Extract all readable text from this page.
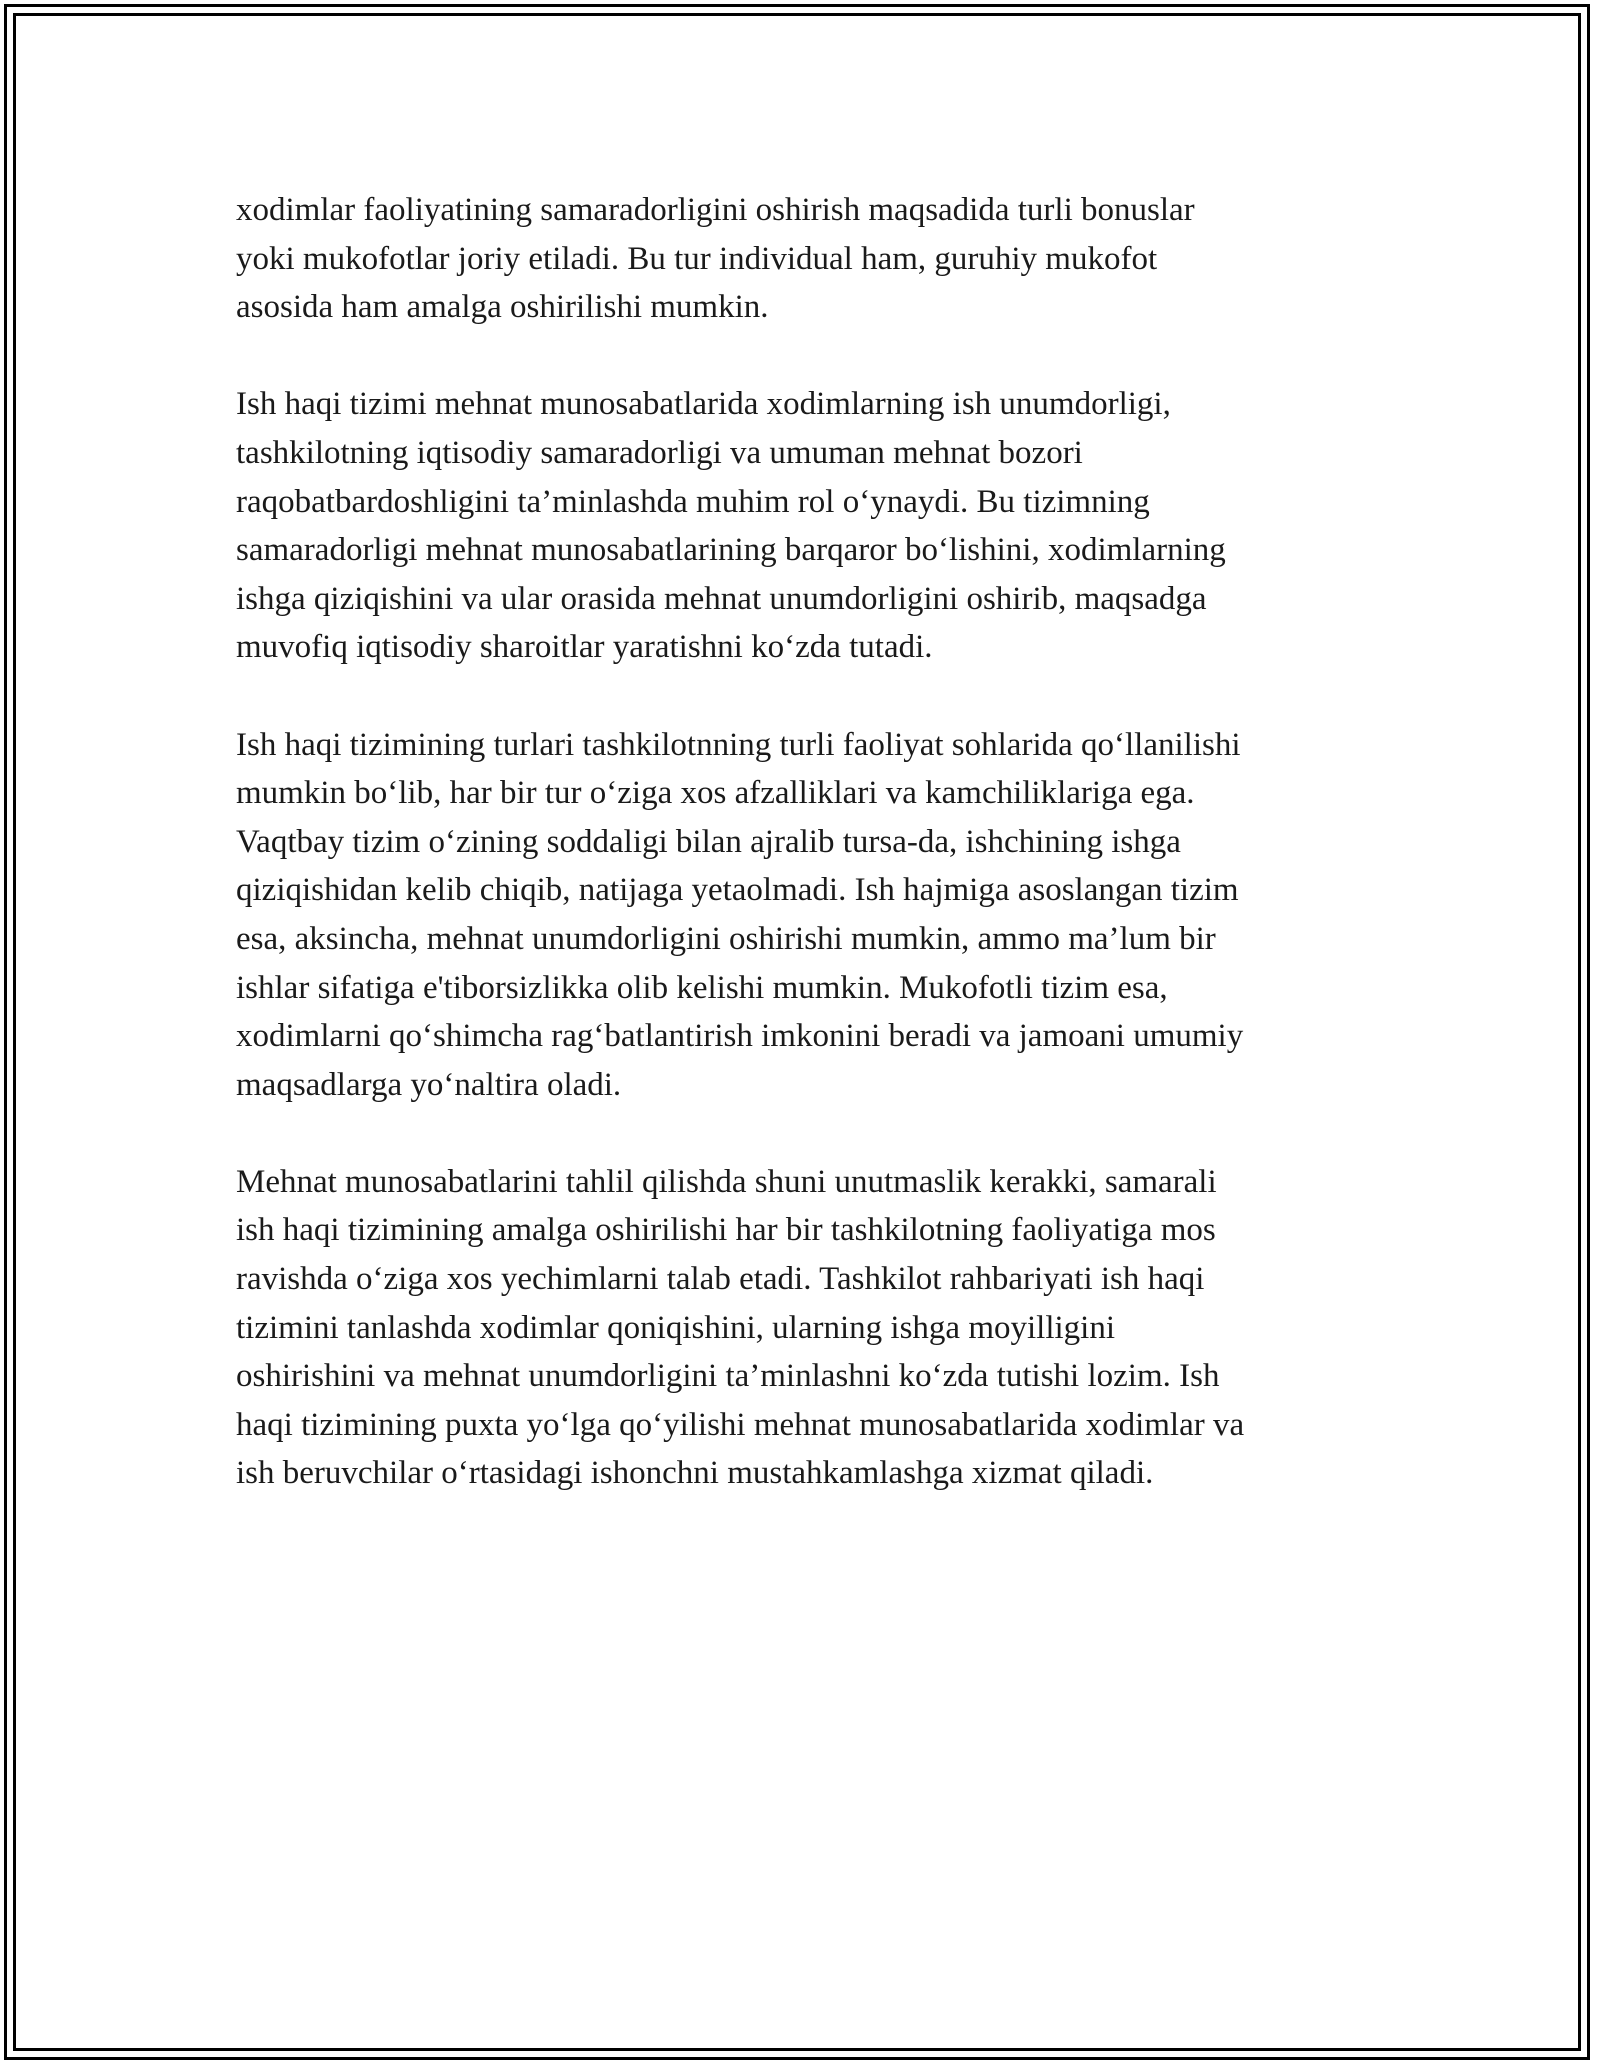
xodimlar faoliyatining samaradorligini oshirish maqsadida turli bonuslar
yoki mukofotlar joriy etiladi. Bu tur individual ham, guruhiy mukofot
asosida ham amalga oshirilishi mumkin.

Ish haqi tizimi mehnat munosabatlarida xodimlarning ish unumdorligi,
tashkilotning iqtisodiy samaradorligi va umuman mehnat bozori
raqobatbardoshligini ta’minlashda muhim rol o‘ynaydi. Bu tizimning
samaradorligi mehnat munosabatlarining barqaror bo‘lishini, xodimlarning
ishga qiziqishini va ular orasida mehnat unumdorligini oshirib, maqsadga
muvofiq iqtisodiy sharoitlar yaratishni ko‘zda tutadi.

Ish haqi tizimining turlari tashkilotnning turli faoliyat sohlarida qo‘llanilishi
mumkin bo‘lib, har bir tur o‘ziga xos afzalliklari va kamchiliklariga ega.
Vaqtbay tizim o‘zining soddaligi bilan ajralib tursa-da, ishchining ishga
qiziqishidan kelib chiqib, natijaga yetaolmadi. Ish hajmiga asoslangan tizim
esa, aksincha, mehnat unumdorligini oshirishi mumkin, ammo ma’lum bir
ishlar sifatiga e'tiborsizlikka olib kelishi mumkin. Mukofotli tizim esa,
xodimlarni qo‘shimcha rag‘batlantirish imkonini beradi va jamoani umumiy
maqsadlarga yo‘naltira oladi.

Mehnat munosabatlarini tahlil qilishda shuni unutmaslik kerakki, samarali
ish haqi tizimining amalga oshirilishi har bir tashkilotning faoliyatiga mos
ravishda o‘ziga xos yechimlarni talab etadi. Tashkilot rahbariyati ish haqi
tizimini tanlashda xodimlar qoniqishini, ularning ishga moyilligini
oshirishini va mehnat unumdorligini ta’minlashni ko‘zda tutishi lozim. Ish
haqi tizimining puxta yo‘lga qo‘yilishi mehnat munosabatlarida xodimlar va
ish beruvchilar o‘rtasidagi ishonchni mustahkamlashga xizmat qiladi.
